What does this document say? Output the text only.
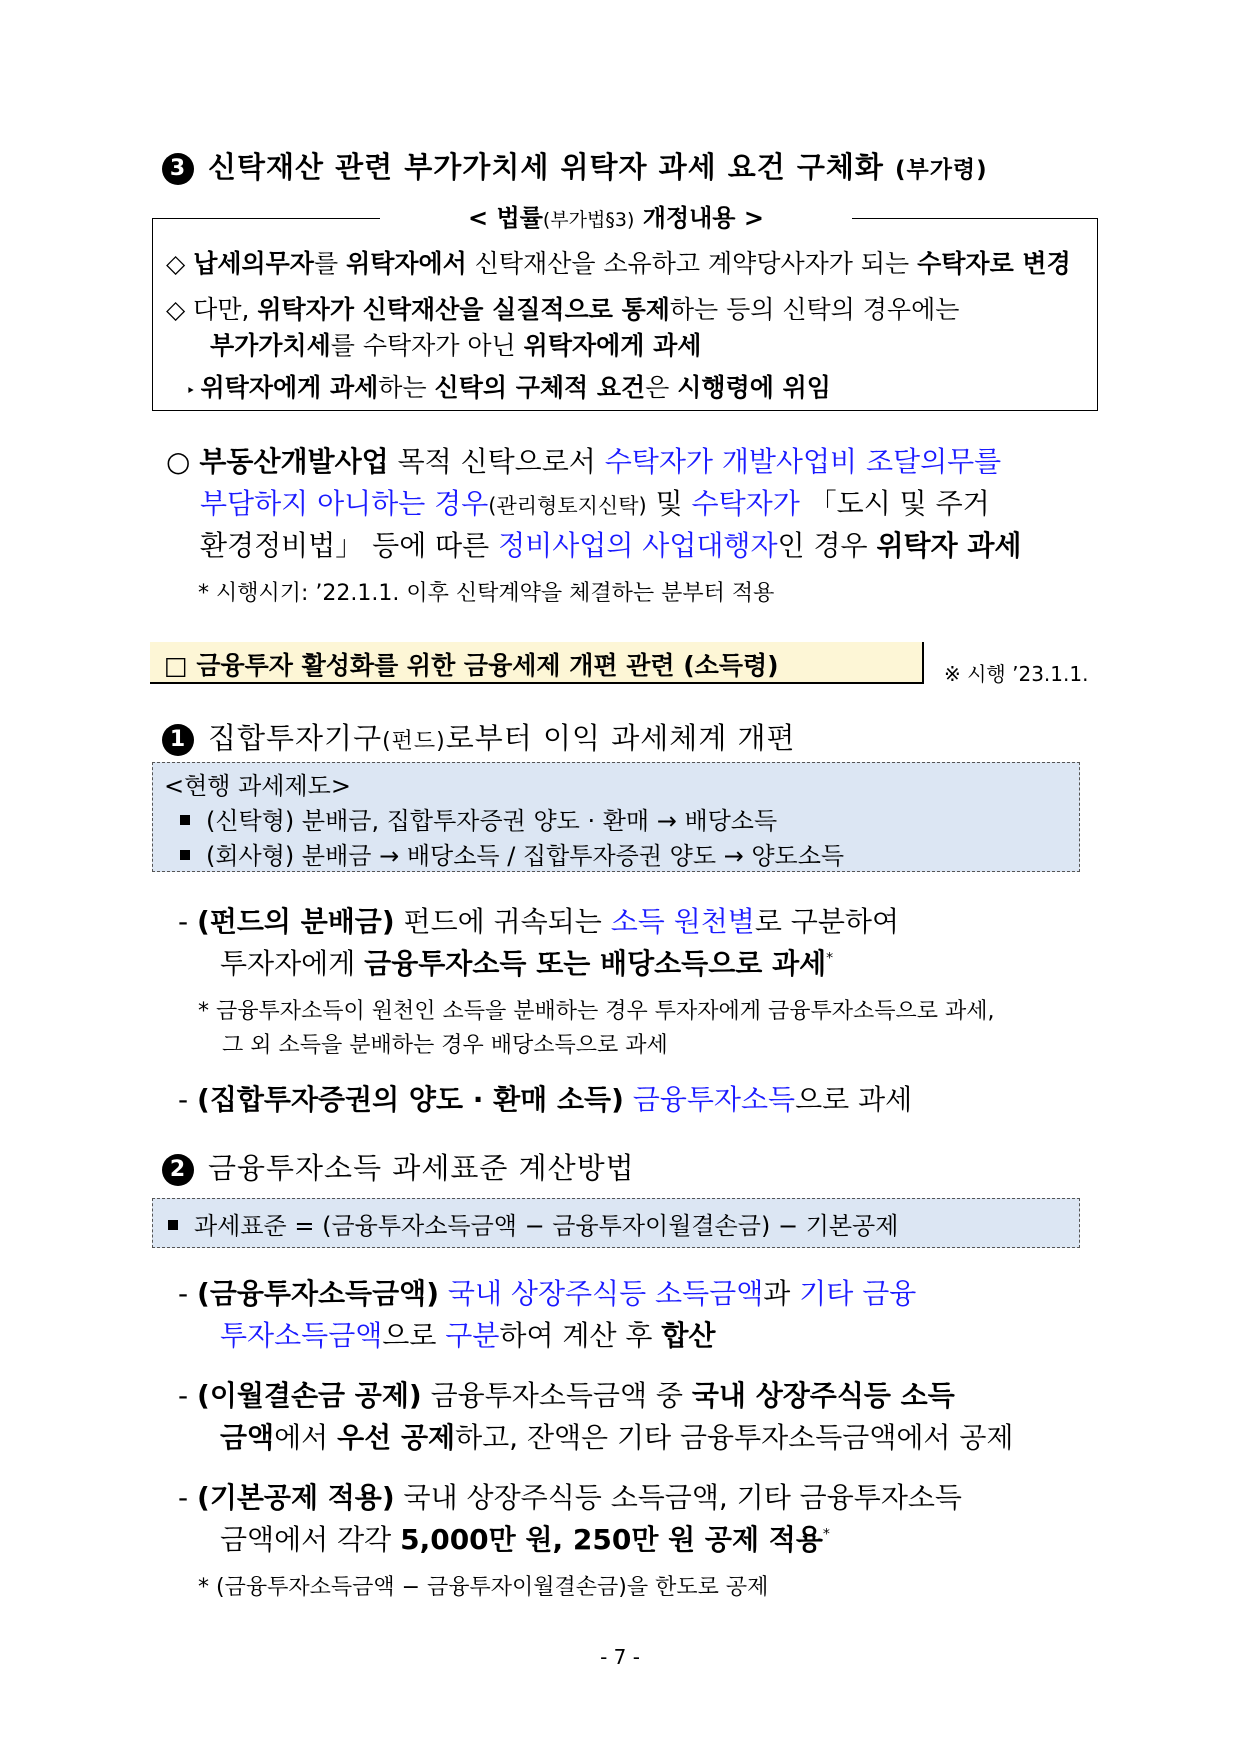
3 신탁재산 관련 부가가치세 위탁자 과세 요건 구체화 (부가령)
< 법률(부가법§3) 개정내용 >
◇ 납세의무자를 위탁자에서 신탁재산을 소유하고 계약당사자가 되는 수탁자로 변경
◇ 다만, 위탁자가 신탁재산을 실질적으로 통제하는 등의 신탁의 경우에는
부가가치세를 수탁자가 아닌 위탁자에게 과세
‣ 위탁자에게 과세하는 신탁의 구체적 요건은 시행령에 위임
○ 부동산개발사업 목적 신탁으로서 수탁자가 개발사업비 조달의무를
부담하지 아니하는 경우(관리형토지신탁) 및 수탁자가 「도시 및 주거
환경정비법」 등에 따른 정비사업의 사업대행자인 경우 위탁자 과세
* 시행시기: ’22.1.1. 이후 신탁계약을 체결하는 분부터 적용
□ 금융투자 활성화를 위한 금융세제 개편 관련 (소득령)	※ 시행 ’23.1.1.
1 집합투자기구(펀드)로부터 이익 과세체계 개편
<현행 과세제도>
(신탁형) 분배금, 집합투자증권 양도 · 환매 → 배당소득
(회사형) 분배금 → 배당소득 / 집합투자증권 양도 → 양도소득
- (펀드의 분배금) 펀드에 귀속되는 소득 원천별로 구분하여
투자자에게 금융투자소득 또는 배당소득으로 과세*
* 금융투자소득이 원천인 소득을 분배하는 경우 투자자에게 금융투자소득으로 과세,
그 외 소득을 분배하는 경우 배당소득으로 과세
- (집합투자증권의 양도 · 환매 소득) 금융투자소득으로 과세
2 금융투자소득 과세표준 계산방법
과세표준 = (금융투자소득금액 − 금융투자이월결손금) − 기본공제
- (금융투자소득금액) 국내 상장주식등 소득금액과 기타 금융
투자소득금액으로 구분하여 계산 후 합산
- (이월결손금 공제) 금융투자소득금액 중 국내 상장주식등 소득
금액에서 우선 공제하고, 잔액은 기타 금융투자소득금액에서 공제
- (기본공제 적용) 국내 상장주식등 소득금액, 기타 금융투자소득
금액에서 각각 5,000만 원, 250만 원 공제 적용*
* (금융투자소득금액 − 금융투자이월결손금)을 한도로 공제
- 7 -
